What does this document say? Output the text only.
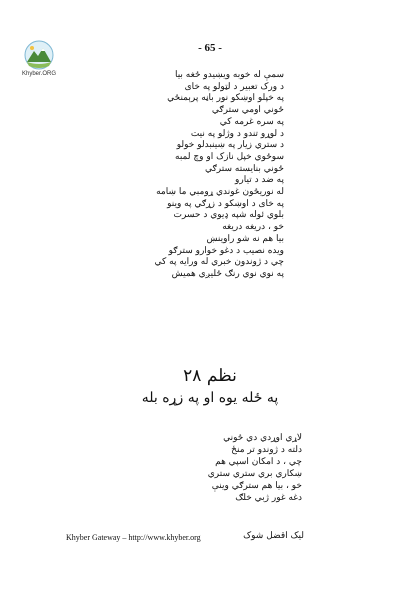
Khyber.ORG
- 65 -
سمې له خوبه ويښيدو ځغه بيا
د ورک تعبير د لټولو په خای
په خپلو اوښکو نور باڼه پرېمنځي
ځوني اومي سترګي
په سره غرمه کي
د لوړو تندو د وژلو په نيت
د ستري زيار په ښينبدلو خولو
سوځوي خپل نازک او وچ لمبه
ځوني بنايسته سترګي
په ضد د تيارو
له نوريځون غوندي ړومبي ما ښامه
په خای د اوښکو د زړګي په وينو
بلوي ئوله شپه ډيوي د حسرت
خو ، دريغه دريغه
بيا هم نه شو راوينښ
ويده نصيب د دغو خوارو سترګو
چي د ژوندون خبري له ورايه په کي
په نوي نوي رنګ ځليږي هميش
نظم ۲۸
په ځله يوه او په زړه بله
لاړي اوړدي دي ځوني
دلته د ژوندو تر منځ
چي ، د امکان اسپي هم
ښکاري بري ستري ستري
خو ، بيا هم سترګي وينې
دغه غور ژبي خلګ
Khyber Gateway – http://www.khyber.org	ليک اقضل شوک
